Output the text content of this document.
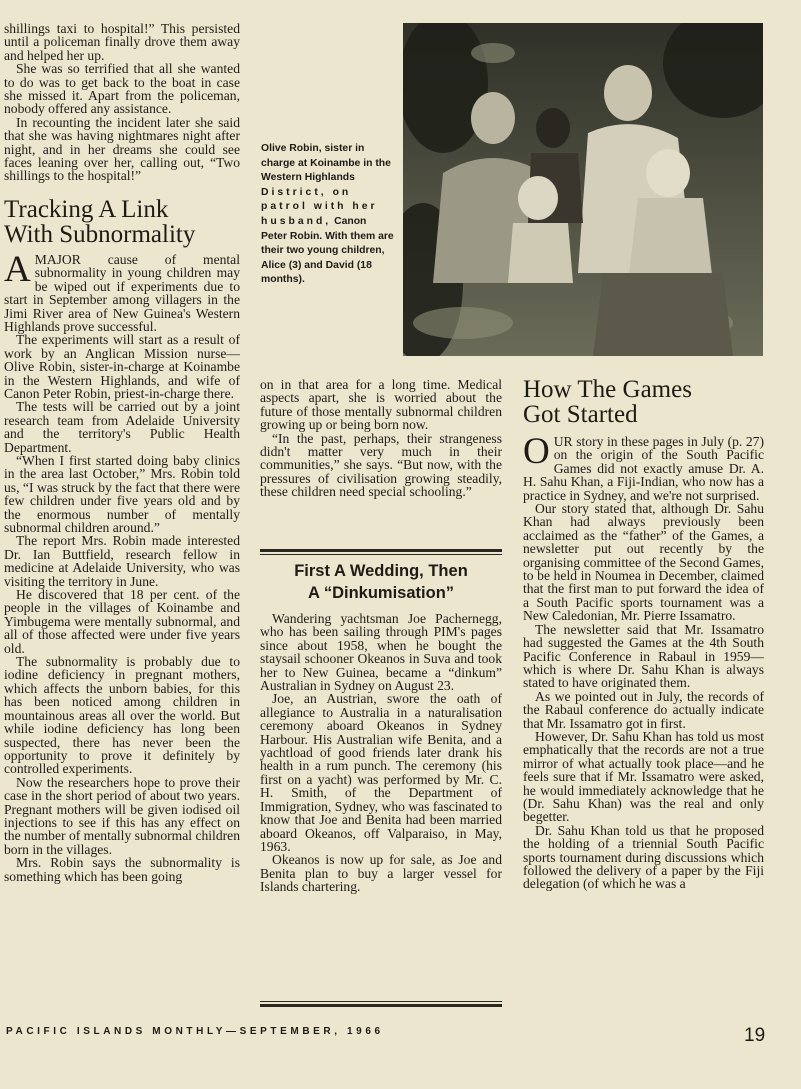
shillings taxi to hospital!” This persisted until a policeman finally drove them away and helped her up.

She was so terrified that all she wanted to do was to get back to the boat in case she missed it. Apart from the policeman, nobody offered any assistance.

In recounting the incident later she said that she was having nightmares night after night, and in her dreams she could see faces leaning over her, calling out, “Two shillings to the hospital!”

Tracking A Link
With Subnormality

AMAJOR cause of mental subnormality in young children may be wiped out if experiments due to start in September among villagers in the Jimi River area of New Guinea's Western Highlands prove successful.

The experiments will start as a result of work by an Anglican Mission nurse—Olive Robin, sister-in-charge at Koinambe in the Western Highlands, and wife of Canon Peter Robin, priest-in-charge there.

The tests will be carried out by a joint research team from Adelaide University and the territory's Public Health Department.

“When I first started doing baby clinics in the area last October,” Mrs. Robin told us, “I was struck by the fact that there were few children under five years old and by the enormous number of mentally subnormal children around.”

The report Mrs. Robin made interested Dr. Ian Buttfield, research fellow in medicine at Adelaide University, who was visiting the territory in June.

He discovered that 18 per cent. of the people in the villages of Koinambe and Yimbugema were mentally subnormal, and all of those affected were under five years old.

The subnormality is probably due to iodine deficiency in pregnant mothers, which affects the unborn babies, for this has been noticed among children in mountainous areas all over the world. But while iodine deficiency has long been suspected, there has never been the opportunity to prove it definitely by controlled experiments.

Now the researchers hope to prove their case in the short period of about two years. Pregnant mothers will be given iodised oil injections to see if this has any effect on the number of mentally subnormal children born in the villages.

Mrs. Robin says the subnormality is something which has been going

Olive Robin, sister in charge at Koinambe in the Western Highlands District, on patrol with her husband, Canon Peter Robin. With them are their two young children, Alice (3) and David (18 months).

on in that area for a long time. Medical aspects apart, she is worried about the future of those mentally subnormal children growing up or being born now.

“In the past, perhaps, their strangeness didn't matter very much in their communities,” she says. “But now, with the pressures of civilisation growing steadily, these children need special schooling.”

First A Wedding, Then
A “Dinkumisation”

Wandering yachtsman Joe Pachernegg, who has been sailing through PIM's pages since about 1958, when he bought the staysail schooner Okeanos in Suva and took her to New Guinea, became a “dinkum” Australian in Sydney on August 23.

Joe, an Austrian, swore the oath of allegiance to Australia in a naturalisation ceremony aboard Okeanos in Sydney Harbour. His Australian wife Benita, and a yachtload of good friends later drank his health in a rum punch. The ceremony (his first on a yacht) was performed by Mr. C. H. Smith, of the Department of Immigration, Sydney, who was fascinated to know that Joe and Benita had been married aboard Okeanos, off Valparaiso, in May, 1963.

Okeanos is now up for sale, as Joe and Benita plan to buy a larger vessel for Islands chartering.

How The Games
Got Started

OUR story in these pages in July (p. 27) on the origin of the South Pacific Games did not exactly amuse Dr. A. H. Sahu Khan, a Fiji-Indian, who now has a practice in Sydney, and we're not surprised.

Our story stated that, although Dr. Sahu Khan had always previously been acclaimed as the “father” of the Games, a newsletter put out recently by the organising committee of the Second Games, to be held in Noumea in December, claimed that the first man to put forward the idea of a South Pacific sports tournament was a New Caledonian, Mr. Pierre Issamatro.

The newsletter said that Mr. Issamatro had suggested the Games at the 4th South Pacific Conference in Rabaul in 1959—which is where Dr. Sahu Khan is always stated to have originated them.

As we pointed out in July, the records of the Rabaul conference do actually indicate that Mr. Issamatro got in first.

However, Dr. Sahu Khan has told us most emphatically that the records are not a true mirror of what actually took place—and he feels sure that if Mr. Issamatro were asked, he would immediately acknowledge that he (Dr. Sahu Khan) was the real and only begetter.

Dr. Sahu Khan told us that he proposed the holding of a triennial South Pacific sports tournament during discussions which followed the delivery of a paper by the Fiji delegation (of which he was a

PACIFIC ISLANDS MONTHLY—SEPTEMBER, 1966	19
